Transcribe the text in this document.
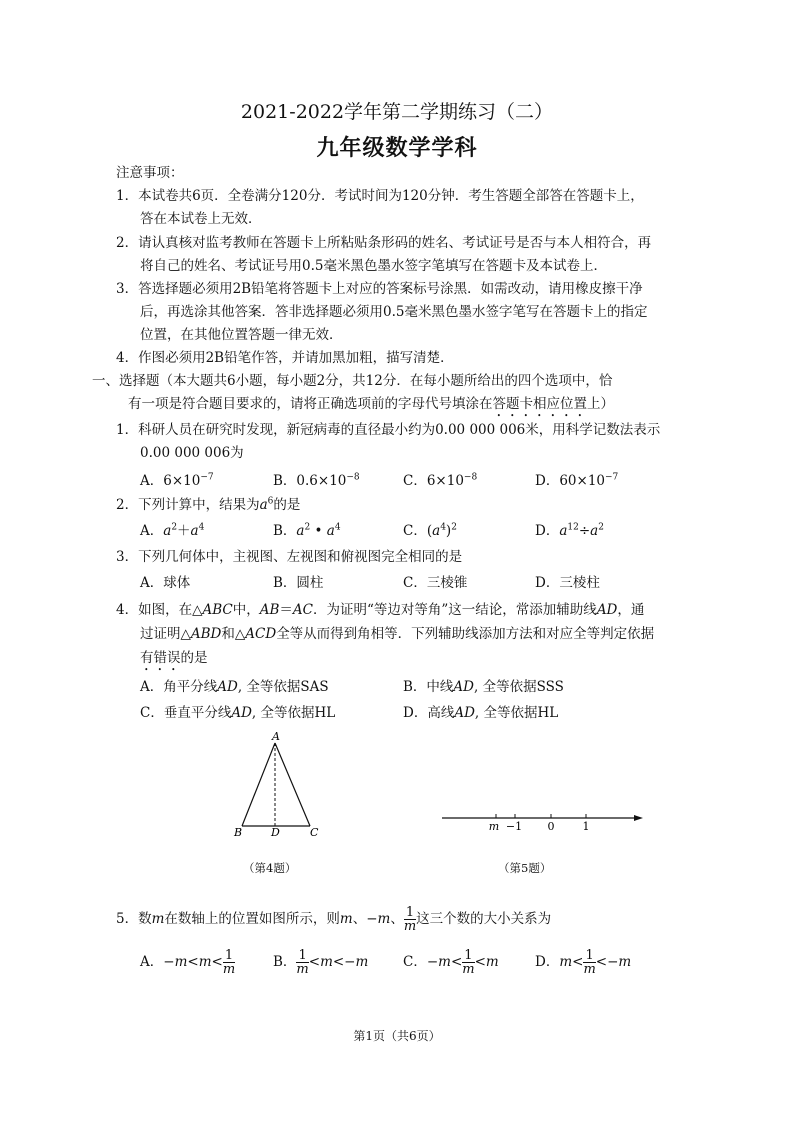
2021-2022学年第二学期练习（二）
九年级数学学科
注意事项：
1．本试卷共6页．全卷满分120分．考试时间为120分钟．考生答题全部答在答题卡上，
答在本试卷上无效．
2．请认真核对监考教师在答题卡上所粘贴条形码的姓名、考试证号是否与本人相符合，再
将自己的姓名、考试证号用0.5毫米黑色墨水签字笔填写在答题卡及本试卷上．
3．答选择题必须用2B铅笔将答题卡上对应的答案标号涂黑．如需改动，请用橡皮擦干净
后，再选涂其他答案．答非选择题必须用0.5毫米黑色墨水签字笔写在答题卡上的指定
位置，在其他位置答题一律无效．
4．作图必须用2B铅笔作答，并请加黑加粗，描写清楚．
一、选择题（本大题共6小题，每小题2分，共12分．在每小题所给出的四个选项中，恰
有一项是符合题目要求的，请将正确选项前的字母代号填涂在答题卡相应位置上）
1．科研人员在研究时发现，新冠病毒的直径最小约为0.00 000 006米，用科学记数法表示
0.00 000 006为
A．$6\times 10^{-7}$	B．$0.6\times 10^{-8}$	C．$6\times 10^{-8}$	D．$60\times 10^{-7}$
2．下列计算中，结果为$a^6$的是
A．$a^2+a^4$	B．$a^2$ • $a^4$	C．$(a^4)^2$	D．$a^{12}\div a^2$
3．下列几何体中，主视图、左视图和俯视图完全相同的是
A．球体	B．圆柱	C．三棱锥	D．三棱柱
4．如图，在△ABC中，AB＝AC．为证明“等边对等角”这一结论，常添加辅助线AD，通
过证明△ABD和△ACD全等从而得到角相等．下列辅助线添加方法和对应全等判定依据
有错误的是
A．角平分线AD, 全等依据SAS	B．中线AD, 全等依据SSS
C．垂直平分线AD, 全等依据HL	D．高线AD, 全等依据HL
A
B	D	C
（第4题）
m −1 0	1
（第5题）
5．数m在数轴上的位置如图所示，则m、−m、 $\frac{1}{m}$ 这三个数的大小关系为
A．$-m<m< \frac{1}{m}$	B． $\frac{1}{m} <m<-m$	C．$-m< \frac{1}{m} <m$	D．$m< \frac{1}{m} <-m$
第1页（共6页）
